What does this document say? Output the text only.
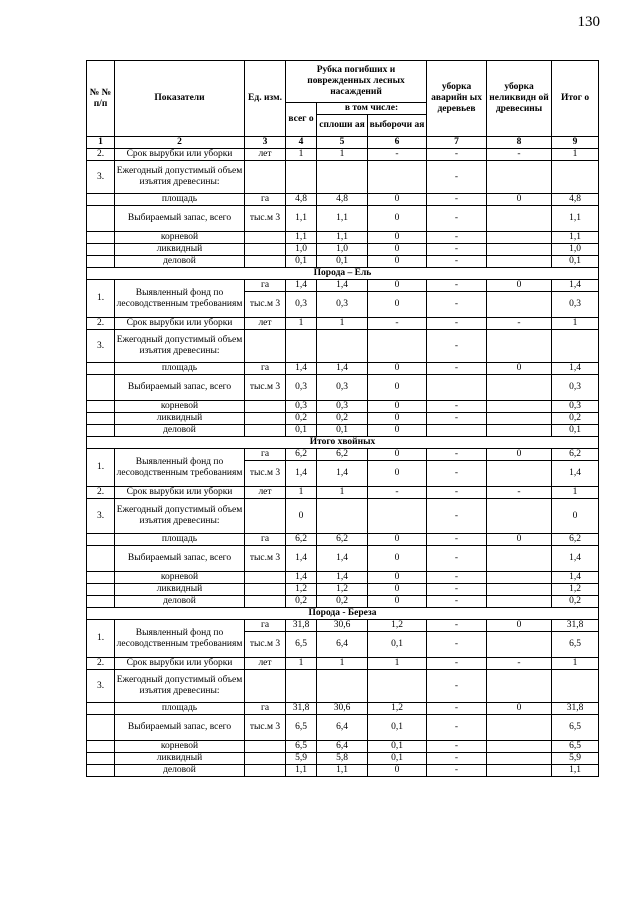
130
№ № п/п	Показатели	Ед. изм.	Рубка погибших и поврежденных лесных насаждений			уборка аварийн ых деревьев	уборка неликвидн ой древесины	Итог о
			всег о	в том числе:				
				сплоши ая	выборочи ая			
1	2	3	4	5	6	7	8	9
2.	Срок вырубки или уборки	лет	1	1	-	-	-	1
3.	Ежегодный допустимый объем изъятия древесины:					-		
	площадь	га	4,8	4,8	0	-	0	4,8
	Выбираемый запас, всего	тыс.м 3	1,1	1,1	0	-		1,1
	корневой		1,1	1,1	0	-		1,1
	ликвидный		1,0	1,0	0	-		1,0
	деловой		0,1	0,1	0	-		0,1
Порода – Ель								
1.	Выявленный фонд по лесоводственным требованиям	га	1,4	1,4	0	-	0	1,4
		тыс.м 3	0,3	0,3	0	-		0,3
2.	Срок вырубки или уборки	лет	1	1	-	-	-	1
3.	Ежегодный допустимый объем изъятия древесины:					-		
	площадь	га	1,4	1,4	0	-	0	1,4
	Выбираемый запас, всего	тыс.м 3	0,3	0,3	0			0,3
	корневой		0,3	0,3	0	-		0,3
	ликвидный		0,2	0,2	0	-		0,2
	деловой		0,1	0,1	0			0,1
Итого хвойных								
1.	Выявленный фонд по лесоводственным требованиям	га	6,2	6,2	0	-	0	6,2
		тыс.м 3	1,4	1,4	0	-		1,4
2.	Срок вырубки или уборки	лет	1	1	-	-	-	1
3.	Ежегодный допустимый объем изъятия древесины:		0			-		0
	площадь	га	6,2	6,2	0	-	0	6,2
	Выбираемый запас, всего	тыс.м 3	1,4	1,4	0	-		1,4
	корневой		1,4	1,4	0	-		1,4
	ликвидный		1,2	1,2	0	-		1,2
	деловой		0,2	0,2	0	-		0,2
Порода - Береза								
1.	Выявленный фонд по лесоводственным требованиям	га	31,8	30,6	1,2	-	0	31,8
		тыс.м 3	6,5	6,4	0,1	-		6,5
2.	Срок вырубки или уборки	лет	1	1	1	-	-	1
3.	Ежегодный допустимый объем изъятия древесины:					-		
	площадь	га	31,8	30,6	1,2	-	0	31,8
	Выбираемый запас, всего	тыс.м 3	6,5	6,4	0,1	-		6,5
	корневой		6,5	6,4	0,1	-		6,5
	ликвидный		5,9	5,8	0,1	-		5,9
	деловой		1,1	1,1	0	-		1,1
